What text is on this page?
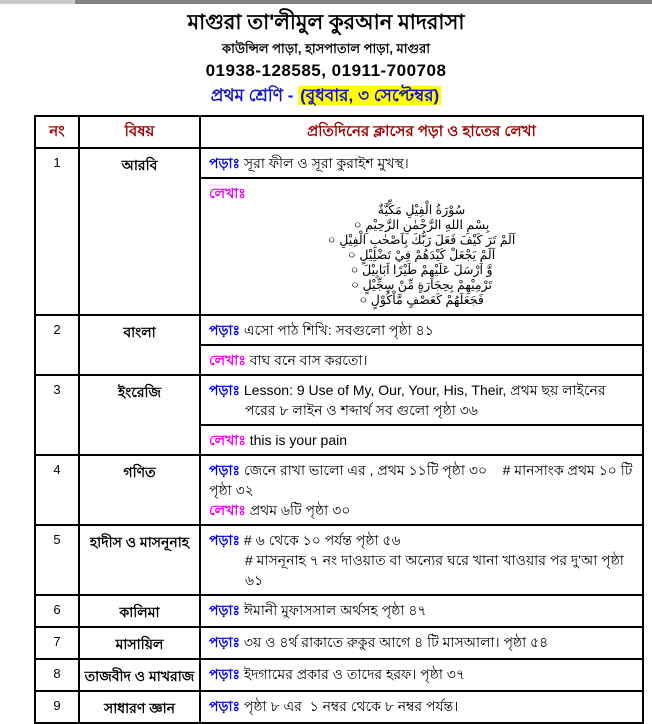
মাগুরা তা'লীমুল কুরআন মাদরাসা
কাউন্সিল পাড়া, হাসপাতাল পাড়া, মাগুরা
01938-128585, 01911-700708
প্রথম শ্রেণি - (বুধবার, ৩ সেপ্টেম্বর)
নং	বিষয়	প্রতিদিনের ক্লাসের পড়া ও হাতের লেখা
1	আরবি	পড়াঃ সূরা ফীল ও সূরা কুরাইশ মুখস্থ।
লেখাঃ
سُوْرَةُ الْفِيْلِ مَكِّيَّةٌ
بِسْمِ اللهِ الرَّحْمٰنِ الرَّحِيْمِ ০
اَلَمْ تَرَ كَيْفَ فَعَلَ رَبُّكَ بِاَصْحٰبِ الْفِيْلِ ০
اَلَمْ يَجْعَلْ كَيْدَهُمْ فِيْ تَضْلِيْلٍ ০
وَّ اَرْسَلَ عَلَيْهِمْ طَيْرًا اَبَابِيْلَ ০
تَرْمِيْهِمْ بِحِجَارَةٍ مِّنْ سِجِّيْلٍ ০
فَجَعَلَهُمْ كَعَصْفٍ مَّاْكُوْلٍ ০

2	বাংলা	পড়াঃ এসো পাঠ শিখি: সবগুলো পৃষ্ঠা ৪১
লেখাঃ বাঘ বনে বাস করতো।

3	ইংরেজি	পড়াঃ Lesson: 9 Use of My, Our, Your, His, Their, প্রথম ছয় লাইনের
পরের ৮ লাইন ও শব্দার্থ সব গুলো পৃষ্ঠা ৩৬
লেখাঃ this is your pain

4	গণিত	পড়াঃ জেনে রাখা ভালো এর , প্রথম ১১টি পৃষ্ঠা ৩০    # মানসাংক প্রথম ১০ টি পৃষ্ঠা ৩২
লেখাঃ প্রথম ৬টি পৃষ্ঠা ৩০

5	হাদীস ও মাসনূনাহ	পড়াঃ # ৬ থেকে ১০ পর্যন্ত পৃষ্ঠা ৫৬
# মাসনূনাহ ৭ নং দাওয়াত বা অন্যের ঘরে খানা খাওয়ার পর দু'আ পৃষ্ঠা ৬১

6	কালিমা	পড়াঃ ঈমানী মুফাসসাল অর্থসহ পৃষ্ঠা ৪৭

7	মাসায়িল	পড়াঃ ৩য় ও ৪র্থ রাকাতে রুকুর আগে ৪ টি মাসআলা। পৃষ্ঠা ৫৪

8	তাজবীদ ও মাখরাজ	পড়াঃ ইদগামের প্রকার ও তাদের হরফ। পৃষ্ঠা ৩৭

9	সাধারণ জ্ঞান	পড়াঃ পৃষ্ঠা ৮ এর  ১ নম্বর থেকে ৮ নম্বর পর্যন্ত।
